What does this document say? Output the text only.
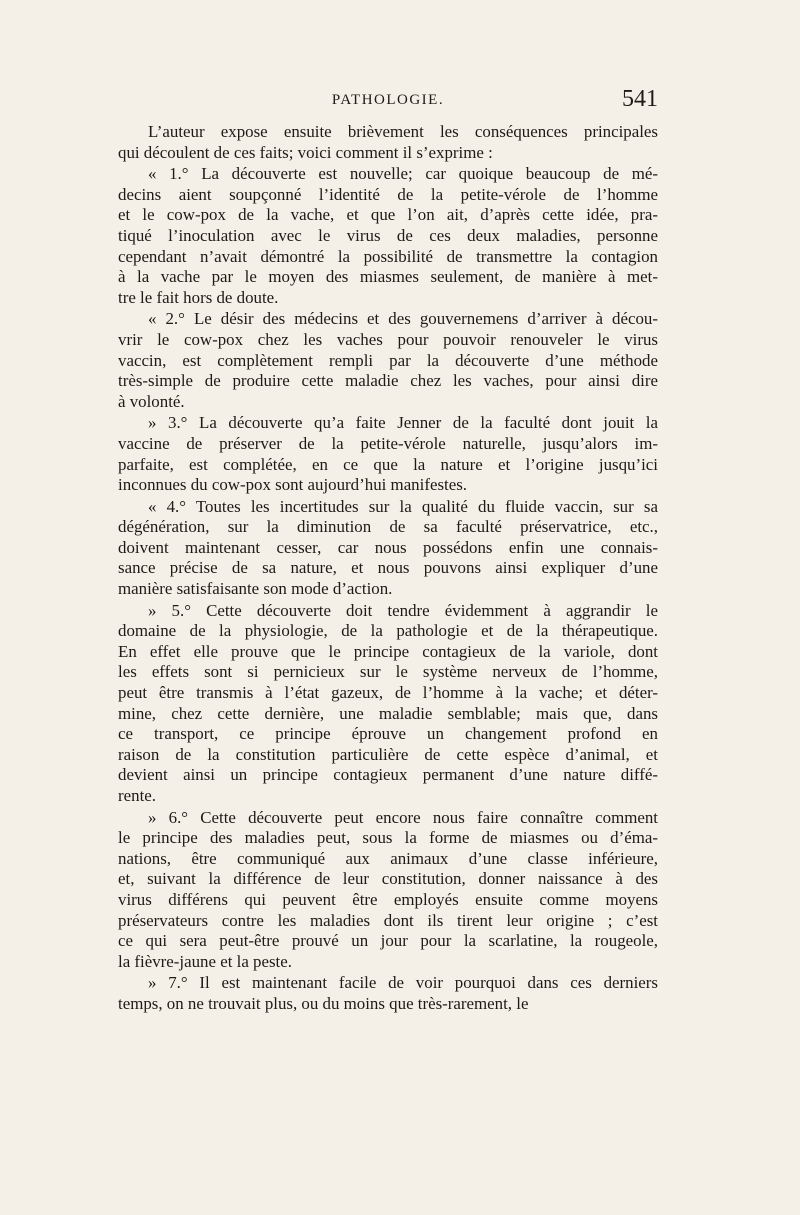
PATHOLOGIE.	541

L’auteur expose ensuite brièvement les conséquences principales
qui découlent de ces faits; voici comment il s’exprime :

« 1.° La découverte est nouvelle; car quoique beaucoup de mé-
decins aient soupçonné l’identité de la petite-vérole de l’homme
et le cow-pox de la vache, et que l’on ait, d’après cette idée, pra-
tiqué l’inoculation avec le virus de ces deux maladies, personne
cependant n’avait démontré la possibilité de transmettre la contagion
à la vache par le moyen des miasmes seulement, de manière à met-
tre le fait hors de doute.

« 2.° Le désir des médecins et des gouvernemens d’arriver à décou-
vrir le cow-pox chez les vaches pour pouvoir renouveler le virus
vaccin, est complètement rempli par la découverte d’une méthode
très-simple de produire cette maladie chez les vaches, pour ainsi dire
à volonté.

» 3.° La découverte qu’a faite Jenner de la faculté dont jouit la
vaccine de préserver de la petite-vérole naturelle, jusqu’alors im-
parfaite, est complétée, en ce que la nature et l’origine jusqu’ici
inconnues du cow-pox sont aujourd’hui manifestes.

« 4.° Toutes les incertitudes sur la qualité du fluide vaccin, sur sa
dégénération, sur la diminution de sa faculté préservatrice, etc.,
doivent maintenant cesser, car nous possédons enfin une connais-
sance précise de sa nature, et nous pouvons ainsi expliquer d’une
manière satisfaisante son mode d’action.

» 5.° Cette découverte doit tendre évidemment à aggrandir le
domaine de la physiologie, de la pathologie et de la thérapeutique.
En effet elle prouve que le principe contagieux de la variole, dont
les effets sont si pernicieux sur le système nerveux de l’homme,
peut être transmis à l’état gazeux, de l’homme à la vache; et déter-
mine, chez cette dernière, une maladie semblable; mais que, dans
ce transport, ce principe éprouve un changement profond en
raison de la constitution particulière de cette espèce d’animal, et
devient ainsi un principe contagieux permanent d’une nature diffé-
rente.

» 6.° Cette découverte peut encore nous faire connaître comment
le principe des maladies peut, sous la forme de miasmes ou d’éma-
nations, être communiqué aux animaux d’une classe inférieure,
et, suivant la différence de leur constitution, donner naissance à des
virus différens qui peuvent être employés ensuite comme moyens
préservateurs contre les maladies dont ils tirent leur origine ; c’est
ce qui sera peut-être prouvé un jour pour la scarlatine, la rougeole,
la fièvre-jaune et la peste.

» 7.° Il est maintenant facile de voir pourquoi dans ces derniers
temps, on ne trouvait plus, ou du moins que très-rarement, le
